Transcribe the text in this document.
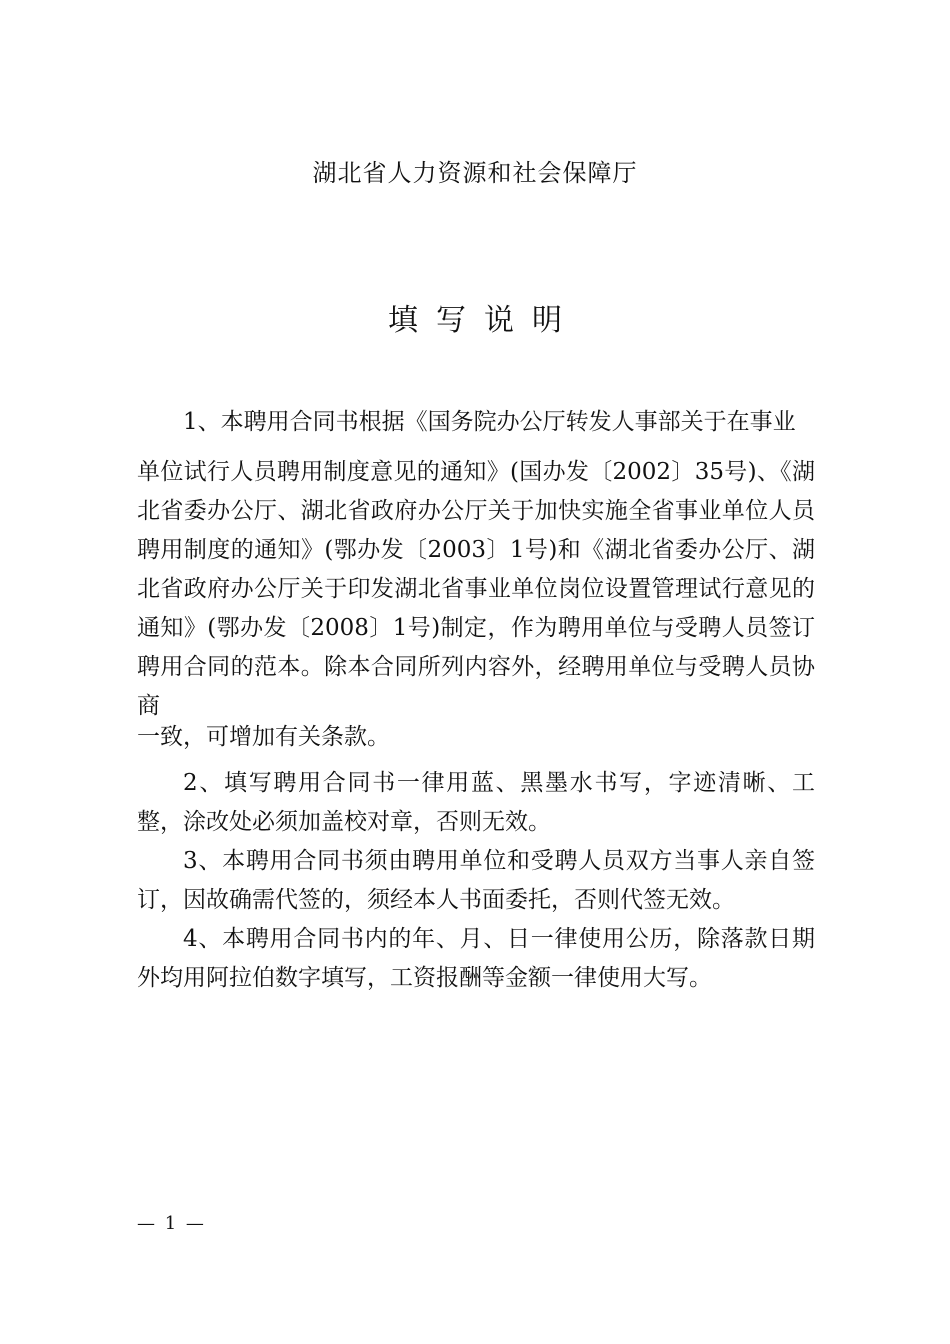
湖北省人力资源和社会保障厅
填写说明

1、本聘用合同书根据《国务院办公厅转发人事部关于在事业
单位试行人员聘用制度意见的通知》(国办发〔2002〕35号)、《湖北省委办公厅、湖北省政府办公厅关于加快实施全省事业单位人员聘用制度的通知》(鄂办发〔2003〕1号)和《湖北省委办公厅、湖北省政府办公厅关于印发湖北省事业单位岗位设置管理试行意见的通知》(鄂办发〔2008〕1号)制定，作为聘用单位与受聘人员签订聘用合同的范本。除本合同所列内容外，经聘用单位与受聘人员协商
一致，可增加有关条款。

2、填写聘用合同书一律用蓝、黑墨水书写，字迹清晰、工整，涂改处必须加盖校对章，否则无效。

3、本聘用合同书须由聘用单位和受聘人员双方当事人亲自签订，因故确需代签的，须经本人书面委托，否则代签无效。

4、本聘用合同书内的年、月、日一律使用公历，除落款日期外均用阿拉伯数字填写，工资报酬等金额一律使用大写。

— 1 —
